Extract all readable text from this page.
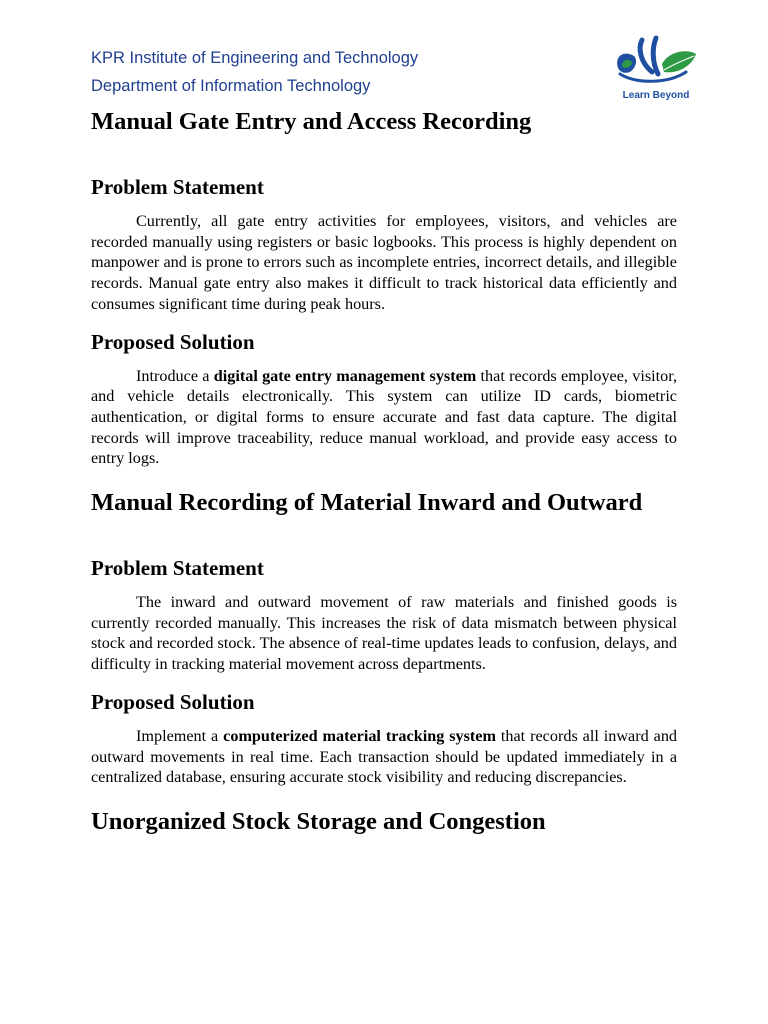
KPR Institute of Engineering and Technology
Department of Information Technology
Learn Beyond
Manual Gate Entry and Access Recording
Problem Statement

Currently, all gate entry activities for employees, visitors, and vehicles are recorded manually using registers or basic logbooks. This process is highly dependent on manpower and is prone to errors such as incomplete entries, incorrect details, and illegible records. Manual gate entry also makes it difficult to track historical data efficiently and consumes significant time during peak hours.

Proposed Solution

Introduce a digital gate entry management system that records employee, visitor, and vehicle details electronically. This system can utilize ID cards, biometric authentication, or digital forms to ensure accurate and fast data capture. The digital records will improve traceability, reduce manual workload, and provide easy access to entry logs.

Manual Recording of Material Inward and Outward
Problem Statement

The inward and outward movement of raw materials and finished goods is currently recorded manually. This increases the risk of data mismatch between physical stock and recorded stock. The absence of real-time updates leads to confusion, delays, and difficulty in tracking material movement across departments.

Proposed Solution

Implement a computerized material tracking system that records all inward and outward movements in real time. Each transaction should be updated immediately in a centralized database, ensuring accurate stock visibility and reducing discrepancies.

Unorganized Stock Storage and Congestion
